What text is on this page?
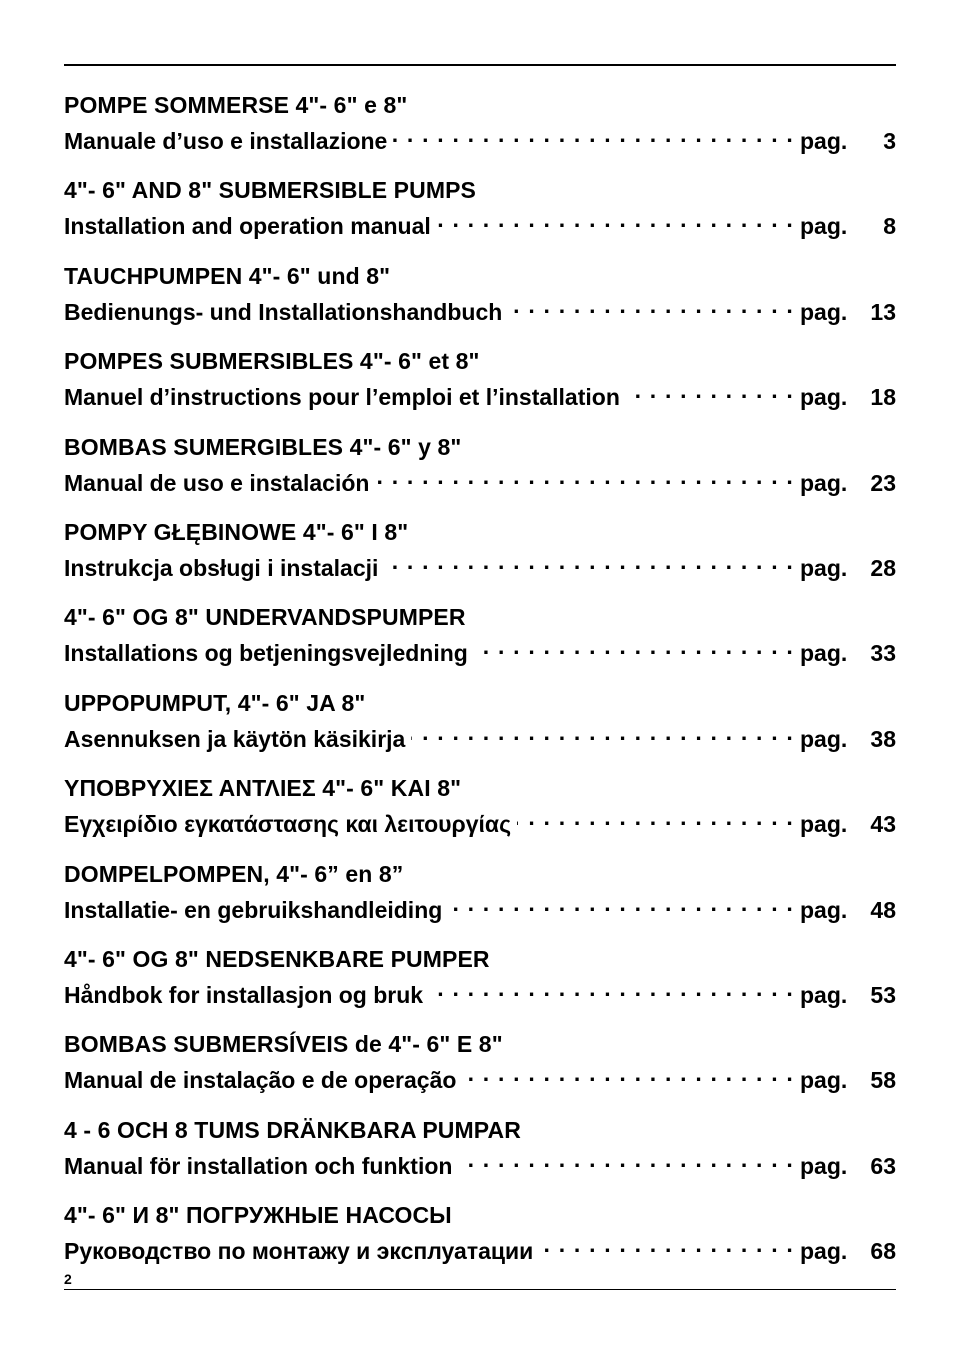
POMPE SOMMERSE 4"- 6" e 8"
Manuale d’uso e installazione . . .	pag. 3
4"- 6" AND 8" SUBMERSIBLE PUMPS
Installation and operation manual . . .	pag. 8
TAUCHPUMPEN 4"- 6" und 8"
Bedienungs- und Installationshandbuch . . .	pag. 13
POMPES SUBMERSIBLES 4"- 6" et 8"
Manuel d’instructions pour l’emploi et l’installation . . .	pag. 18
BOMBAS SUMERGIBLES 4"- 6" y 8"
Manual de uso e instalación . . .	pag. 23
POMPY GŁĘBINOWE 4"- 6" I 8"
Instrukcja obsługi i instalacji . . .	pag. 28
4"- 6" OG 8" UNDERVANDSPUMPER
Installations og betjeningsvejledning . . .	pag. 33
UPPOPUMPUT, 4"- 6" JA 8"
Asennuksen ja käytön käsikirja . . .	pag. 38
ΥΠΟΒΡΥΧΙΕΣ ΑΝΤΛΙΕΣ 4"- 6" ΚΑΙ 8"
Εγχειρίδιο εγκατάστασης και λειτουργίας . . .	pag. 43
DOMPELPOMPEN, 4"- 6” en 8”
Installatie- en gebruikshandleiding . . .	pag. 48
4"- 6" OG 8" NEDSENKBARE PUMPER
Håndbok for installasjon og bruk . . .	pag. 53
BOMBAS SUBMERSÍVEIS de 4"- 6" E 8"
Manual de instalação e de operação . . .	pag. 58
4 - 6 OCH 8 TUMS DRÄNKBARA PUMPAR
Manual för installation och funktion . . .	pag. 63
4"- 6" И 8" ПОГРУЖНЫЕ НАСОСЫ
Руководство по монтажу и эксплуатации . . .	pag. 68
2
